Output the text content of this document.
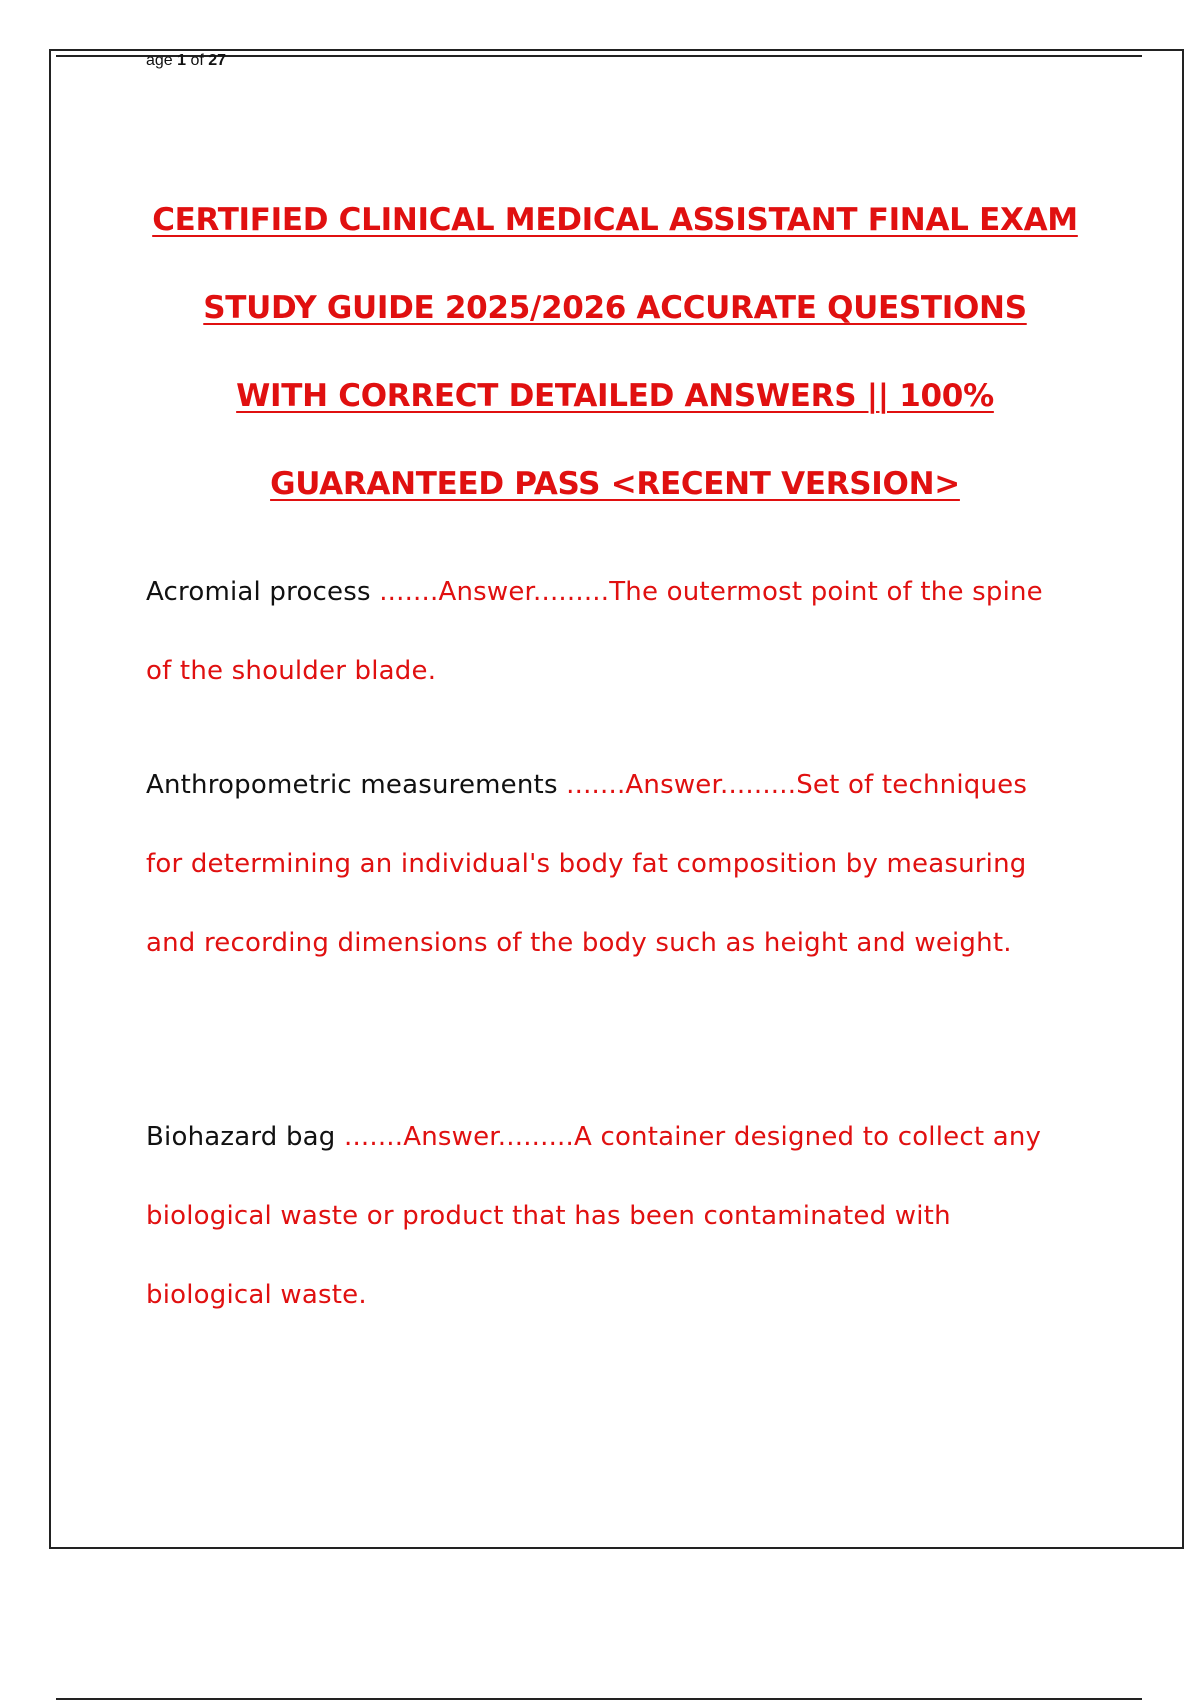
age 1 of 27
CERTIFIED CLINICAL MEDICAL ASSISTANT FINAL EXAM
STUDY GUIDE 2025/2026 ACCURATE QUESTIONS
WITH CORRECT DETAILED ANSWERS || 100%
GUARANTEED PASS <RECENT VERSION>
Acromial process .......Answer.........The outermost point of the spine of the shoulder blade.
Anthropometric measurements .......Answer.........Set of techniques for determining an individual's body fat composition by measuring and recording dimensions of the body such as height and weight.
Biohazard bag .......Answer.........A container designed to collect any biological waste or product that has been contaminated with biological waste.
